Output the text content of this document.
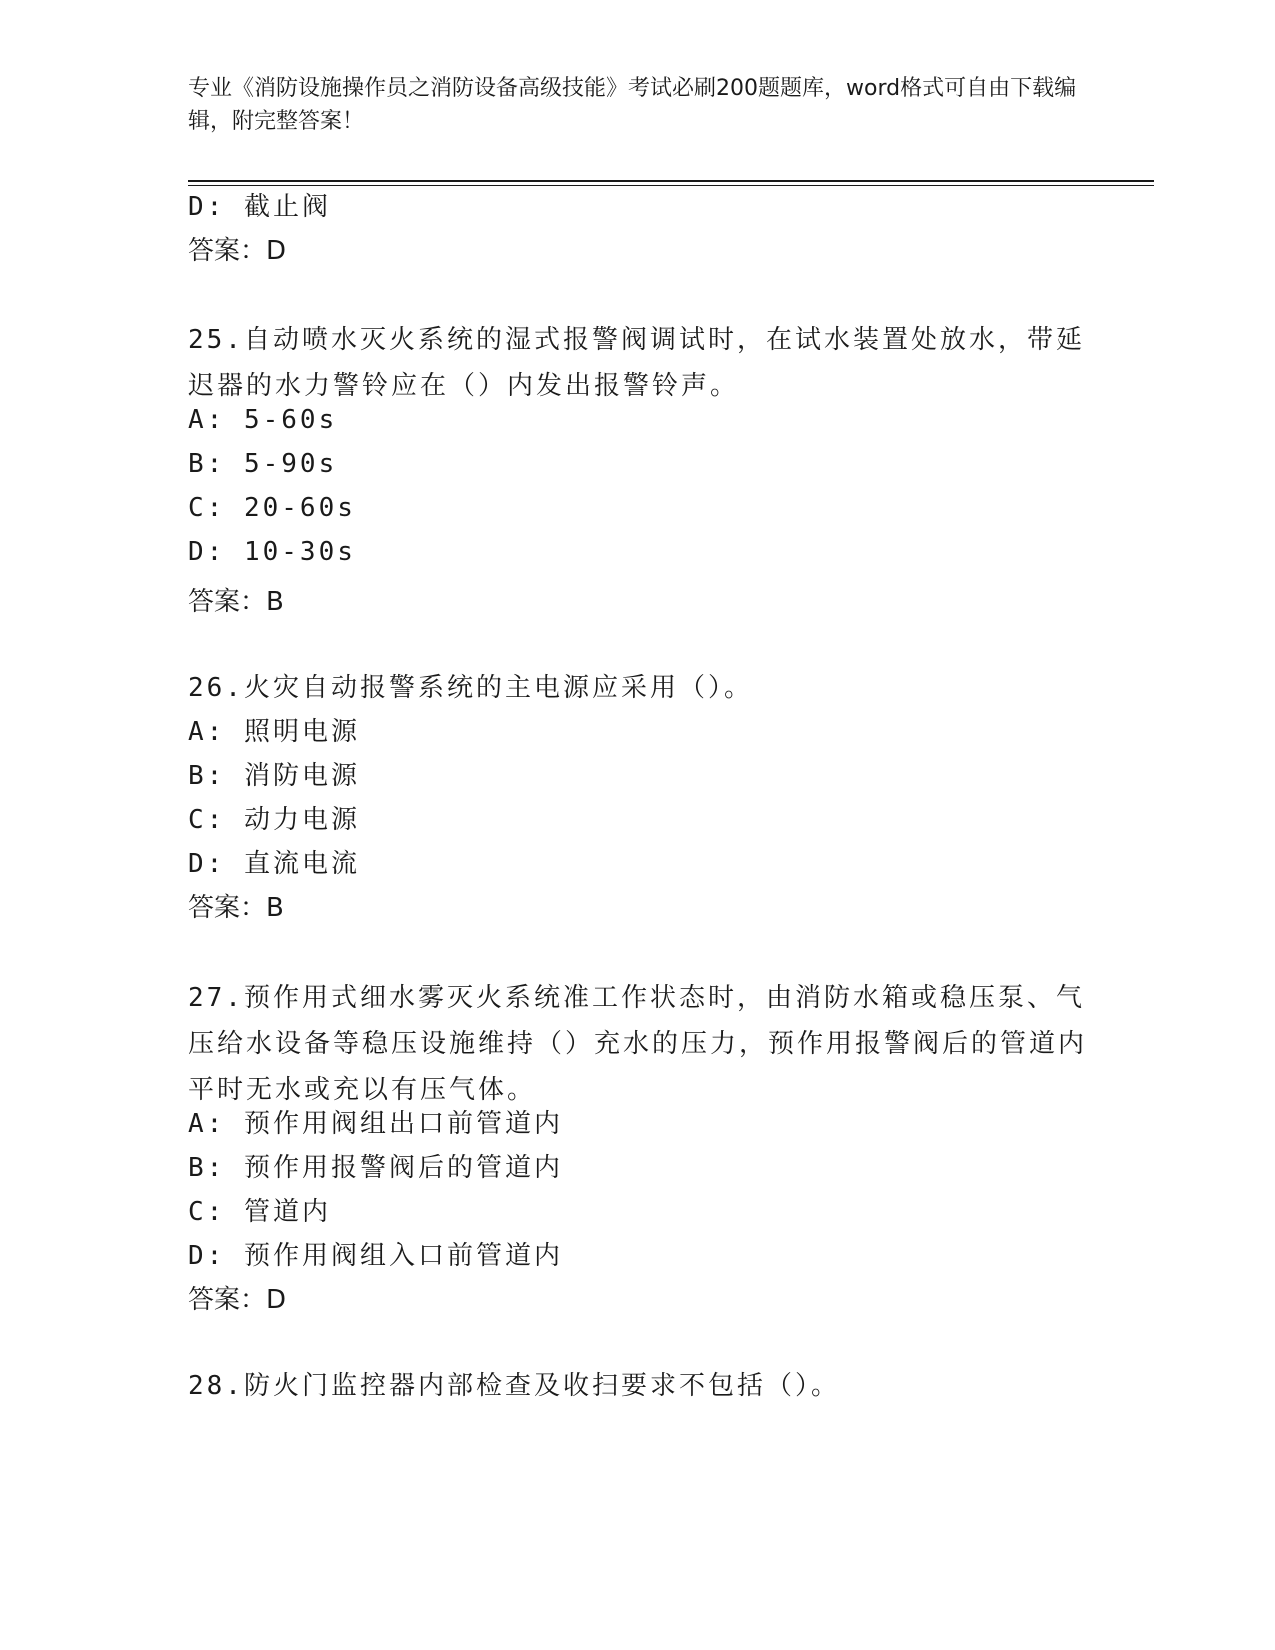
专业《消防设施操作员之消防设备高级技能》考试必刷200题题库，word格式可自由下载编辑，附完整答案！
D: 截止阀
答案：D
25.自动喷水灭火系统的湿式报警阀调试时，在试水装置处放水，带延迟器的水力警铃应在（）内发出报警铃声。
A: 5-60s
B: 5-90s
C: 20-60s
D: 10-30s
答案：B
26.火灾自动报警系统的主电源应采用（）。
A: 照明电源
B: 消防电源
C: 动力电源
D: 直流电流
答案：B
27.预作用式细水雾灭火系统准工作状态时，由消防水箱或稳压泵、气压给水设备等稳压设施维持（）充水的压力，预作用报警阀后的管道内平时无水或充以有压气体。
A: 预作用阀组出口前管道内
B: 预作用报警阀后的管道内
C: 管道内
D: 预作用阀组入口前管道内
答案：D
28.防火门监控器内部检查及收扫要求不包括（）。
